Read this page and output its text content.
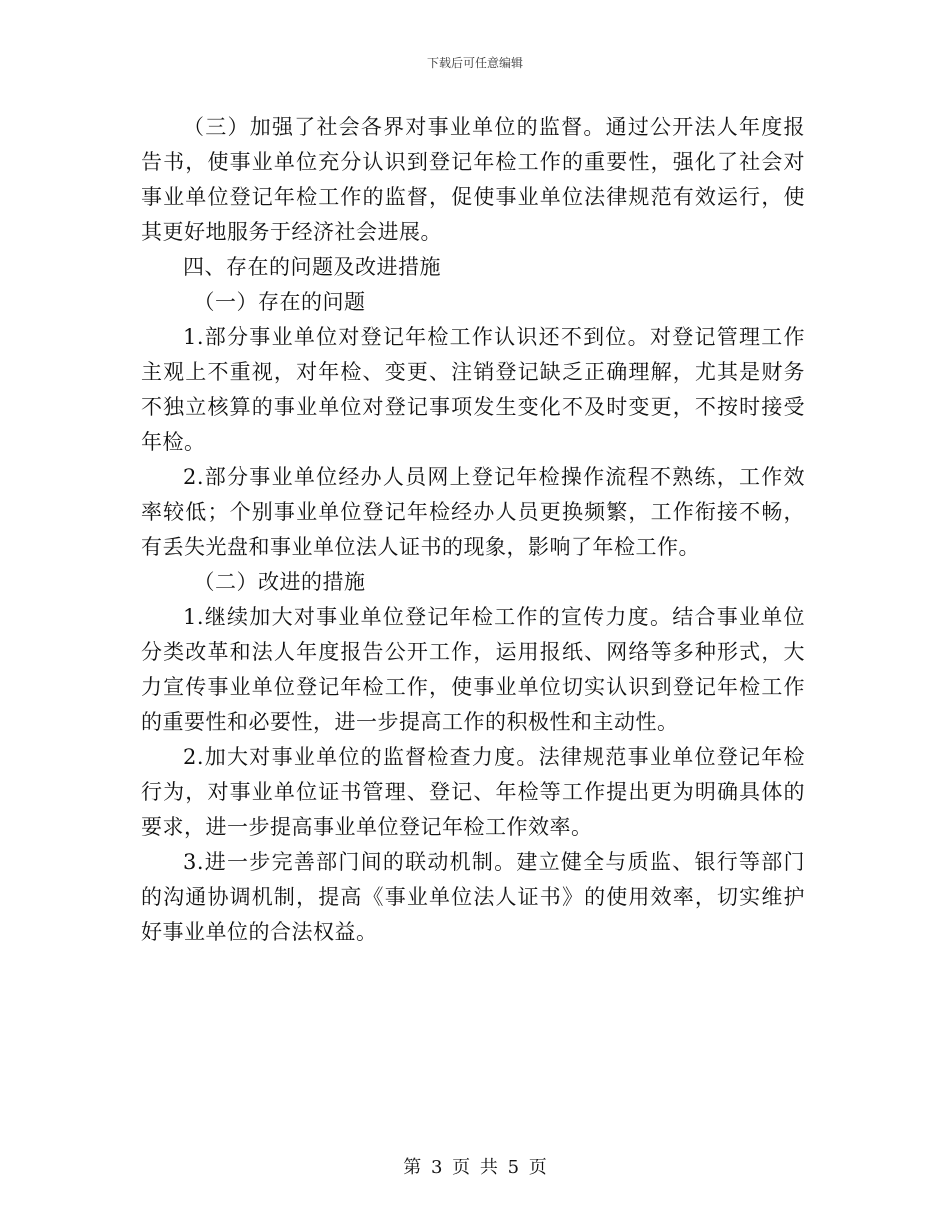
下载后可任意编辑

（三）加强了社会各界对事业单位的监督。通过公开法人年度报告书，使事业单位充分认识到登记年检工作的重要性，强化了社会对事业单位登记年检工作的监督，促使事业单位法律规范有效运行，使其更好地服务于经济社会进展。

四、存在的问题及改进措施

（一）存在的问题

1.部分事业单位对登记年检工作认识还不到位。对登记管理工作主观上不重视，对年检、变更、注销登记缺乏正确理解，尤其是财务不独立核算的事业单位对登记事项发生变化不及时变更，不按时接受年检。

2.部分事业单位经办人员网上登记年检操作流程不熟练，工作效率较低；个别事业单位登记年检经办人员更换频繁，工作衔接不畅，有丢失光盘和事业单位法人证书的现象，影响了年检工作。

（二）改进的措施

1.继续加大对事业单位登记年检工作的宣传力度。结合事业单位分类改革和法人年度报告公开工作，运用报纸、网络等多种形式，大力宣传事业单位登记年检工作，使事业单位切实认识到登记年检工作的重要性和必要性，进一步提高工作的积极性和主动性。

2.加大对事业单位的监督检查力度。法律规范事业单位登记年检行为，对事业单位证书管理、登记、年检等工作提出更为明确具体的要求，进一步提高事业单位登记年检工作效率。

3.进一步完善部门间的联动机制。建立健全与质监、银行等部门的沟通协调机制，提高《事业单位法人证书》的使用效率，切实维护好事业单位的合法权益。

第 3 页 共 5 页
